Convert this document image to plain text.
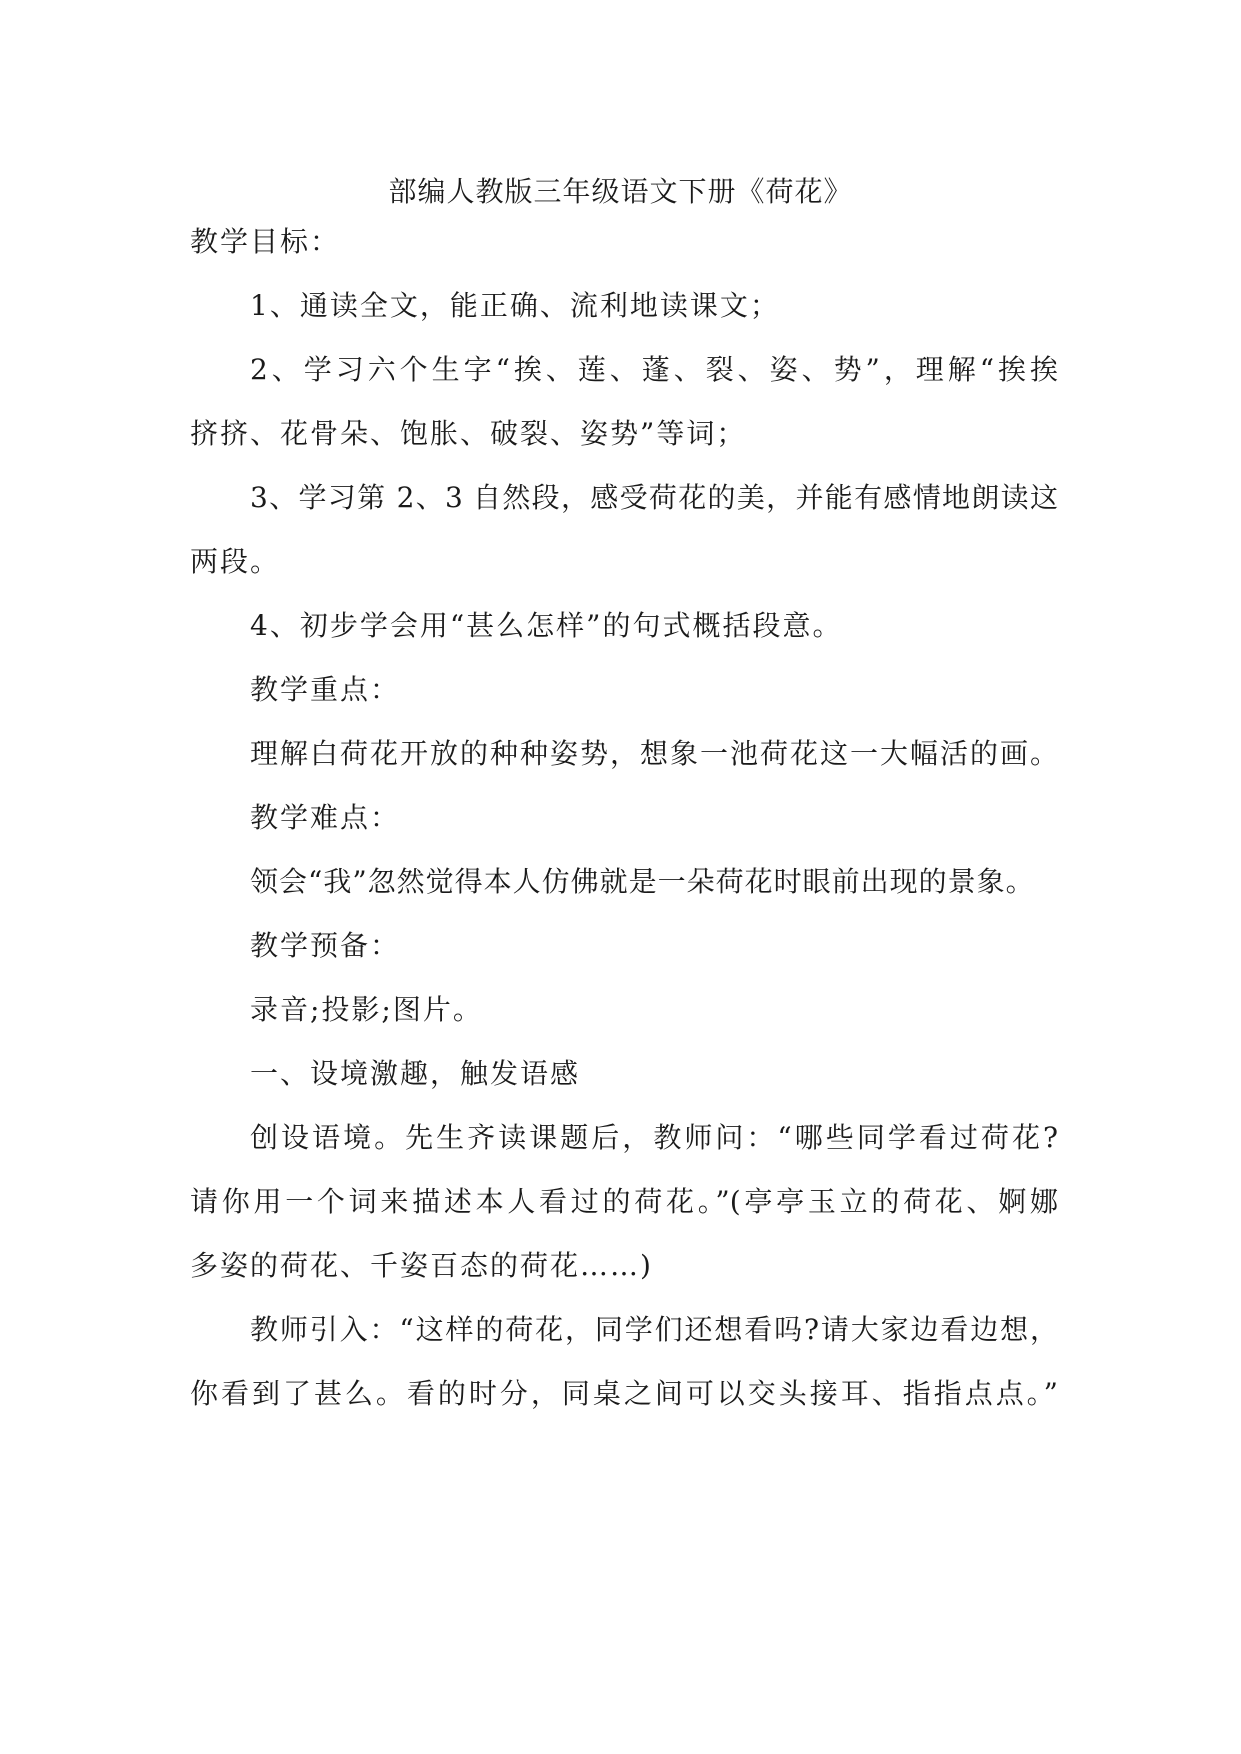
部编人教版三年级语文下册《荷花》
教学目标：
1、通读全文，能正确、流利地读课文；
2、学习六个生字“挨、莲、蓬、裂、姿、势”，理解“挨挨
挤挤、花骨朵、饱胀、破裂、姿势”等词；
3、学习第 2、3 自然段，感受荷花的美，并能有感情地朗读这
两段。
4、初步学会用“甚么怎样”的句式概括段意。
教学重点：
理解白荷花开放的种种姿势，想象一池荷花这一大幅活的画。
教学难点：
领会“我”忽然觉得本人仿佛就是一朵荷花时眼前出现的景象。
教学预备：
录音;投影;图片。
一、设境激趣，触发语感
创设语境。先生齐读课题后，教师问：“哪些同学看过荷花?
请你用一个词来描述本人看过的荷花。”(亭亭玉立的荷花、婀娜
多姿的荷花、千姿百态的荷花……)
教师引入：“这样的荷花，同学们还想看吗?请大家边看边想，
你看到了甚么。看的时分，同桌之间可以交头接耳、指指点点。”
